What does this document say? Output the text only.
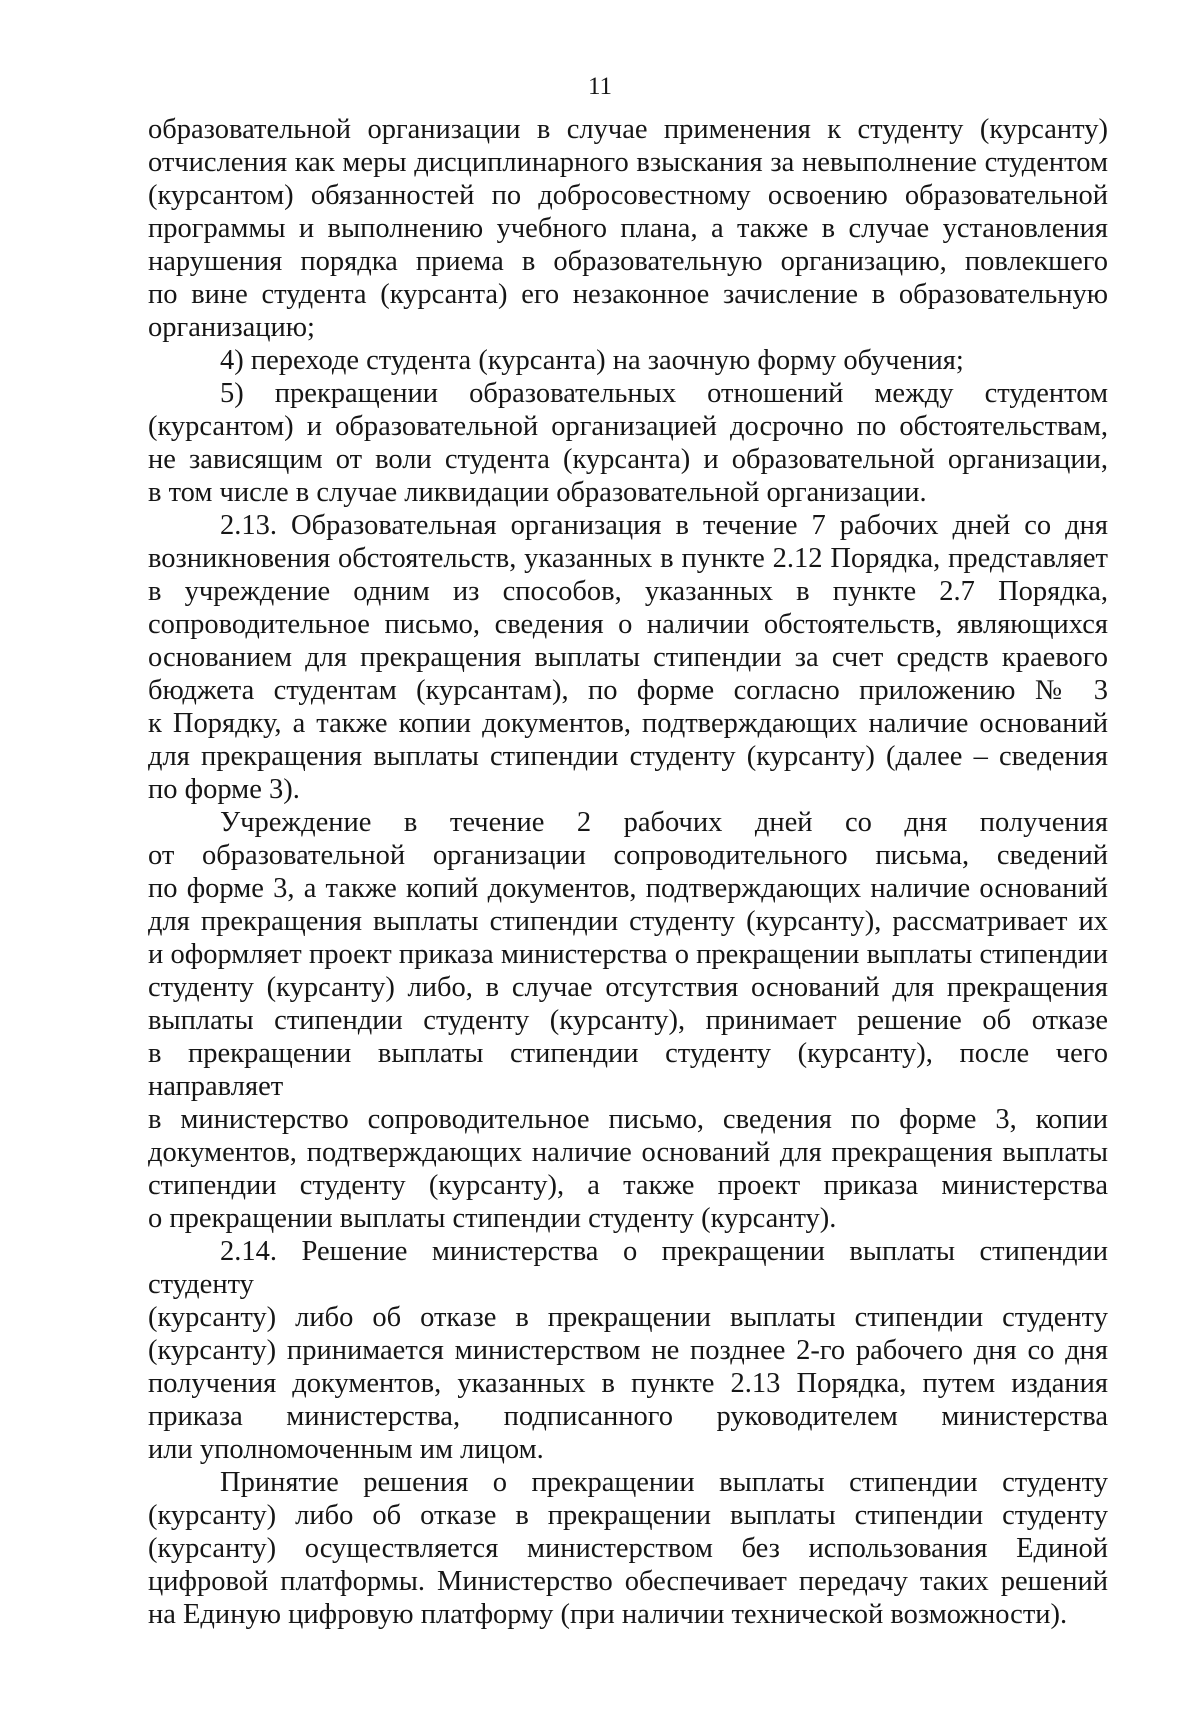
11
образовательной организации в случае применения к студенту (курсанту)
отчисления как меры дисциплинарного взыскания за невыполнение студентом
(курсантом) обязанностей по добросовестному освоению образовательной
программы и выполнению учебного плана, а также в случае установления
нарушения порядка приема в образовательную организацию, повлекшего
по вине студента (курсанта) его незаконное зачисление в образовательную
организацию;
4) переходе студента (курсанта) на заочную форму обучения;
5) прекращении образовательных отношений между студентом
(курсантом) и образовательной организацией досрочно по обстоятельствам,
не зависящим от воли студента (курсанта) и образовательной организации,
в том числе в случае ликвидации образовательной организации.
2.13. Образовательная организация в течение 7 рабочих дней со дня
возникновения обстоятельств, указанных в пункте 2.12 Порядка, представляет
в учреждение одним из способов, указанных в пункте 2.7 Порядка,
сопроводительное письмо, сведения о наличии обстоятельств, являющихся
основанием для прекращения выплаты стипендии за счет средств краевого
бюджета студентам (курсантам), по форме согласно приложению № 3
к Порядку, а также копии документов, подтверждающих наличие оснований
для прекращения выплаты стипендии студенту (курсанту) (далее – сведения
по форме 3).
Учреждение в течение 2 рабочих дней со дня получения
от образовательной организации сопроводительного письма, сведений
по форме 3, а также копий документов, подтверждающих наличие оснований
для прекращения выплаты стипендии студенту (курсанту), рассматривает их
и оформляет проект приказа министерства о прекращении выплаты стипендии
студенту (курсанту) либо, в случае отсутствия оснований для прекращения
выплаты стипендии студенту (курсанту), принимает решение об отказе
в прекращении выплаты стипендии студенту (курсанту), после чего направляет
в министерство сопроводительное письмо, сведения по форме 3, копии
документов, подтверждающих наличие оснований для прекращения выплаты
стипендии студенту (курсанту), а также проект приказа министерства
о прекращении выплаты стипендии студенту (курсанту).
2.14. Решение министерства о прекращении выплаты стипендии студенту
(курсанту) либо об отказе в прекращении выплаты стипендии студенту
(курсанту) принимается министерством не позднее 2-го рабочего дня со дня
получения документов, указанных в пункте 2.13 Порядка, путем издания
приказа министерства, подписанного руководителем министерства
или уполномоченным им лицом.
Принятие решения о прекращении выплаты стипендии студенту
(курсанту) либо об отказе в прекращении выплаты стипендии студенту
(курсанту) осуществляется министерством без использования Единой
цифровой платформы. Министерство обеспечивает передачу таких решений
на Единую цифровую платформу (при наличии технической возможности).
